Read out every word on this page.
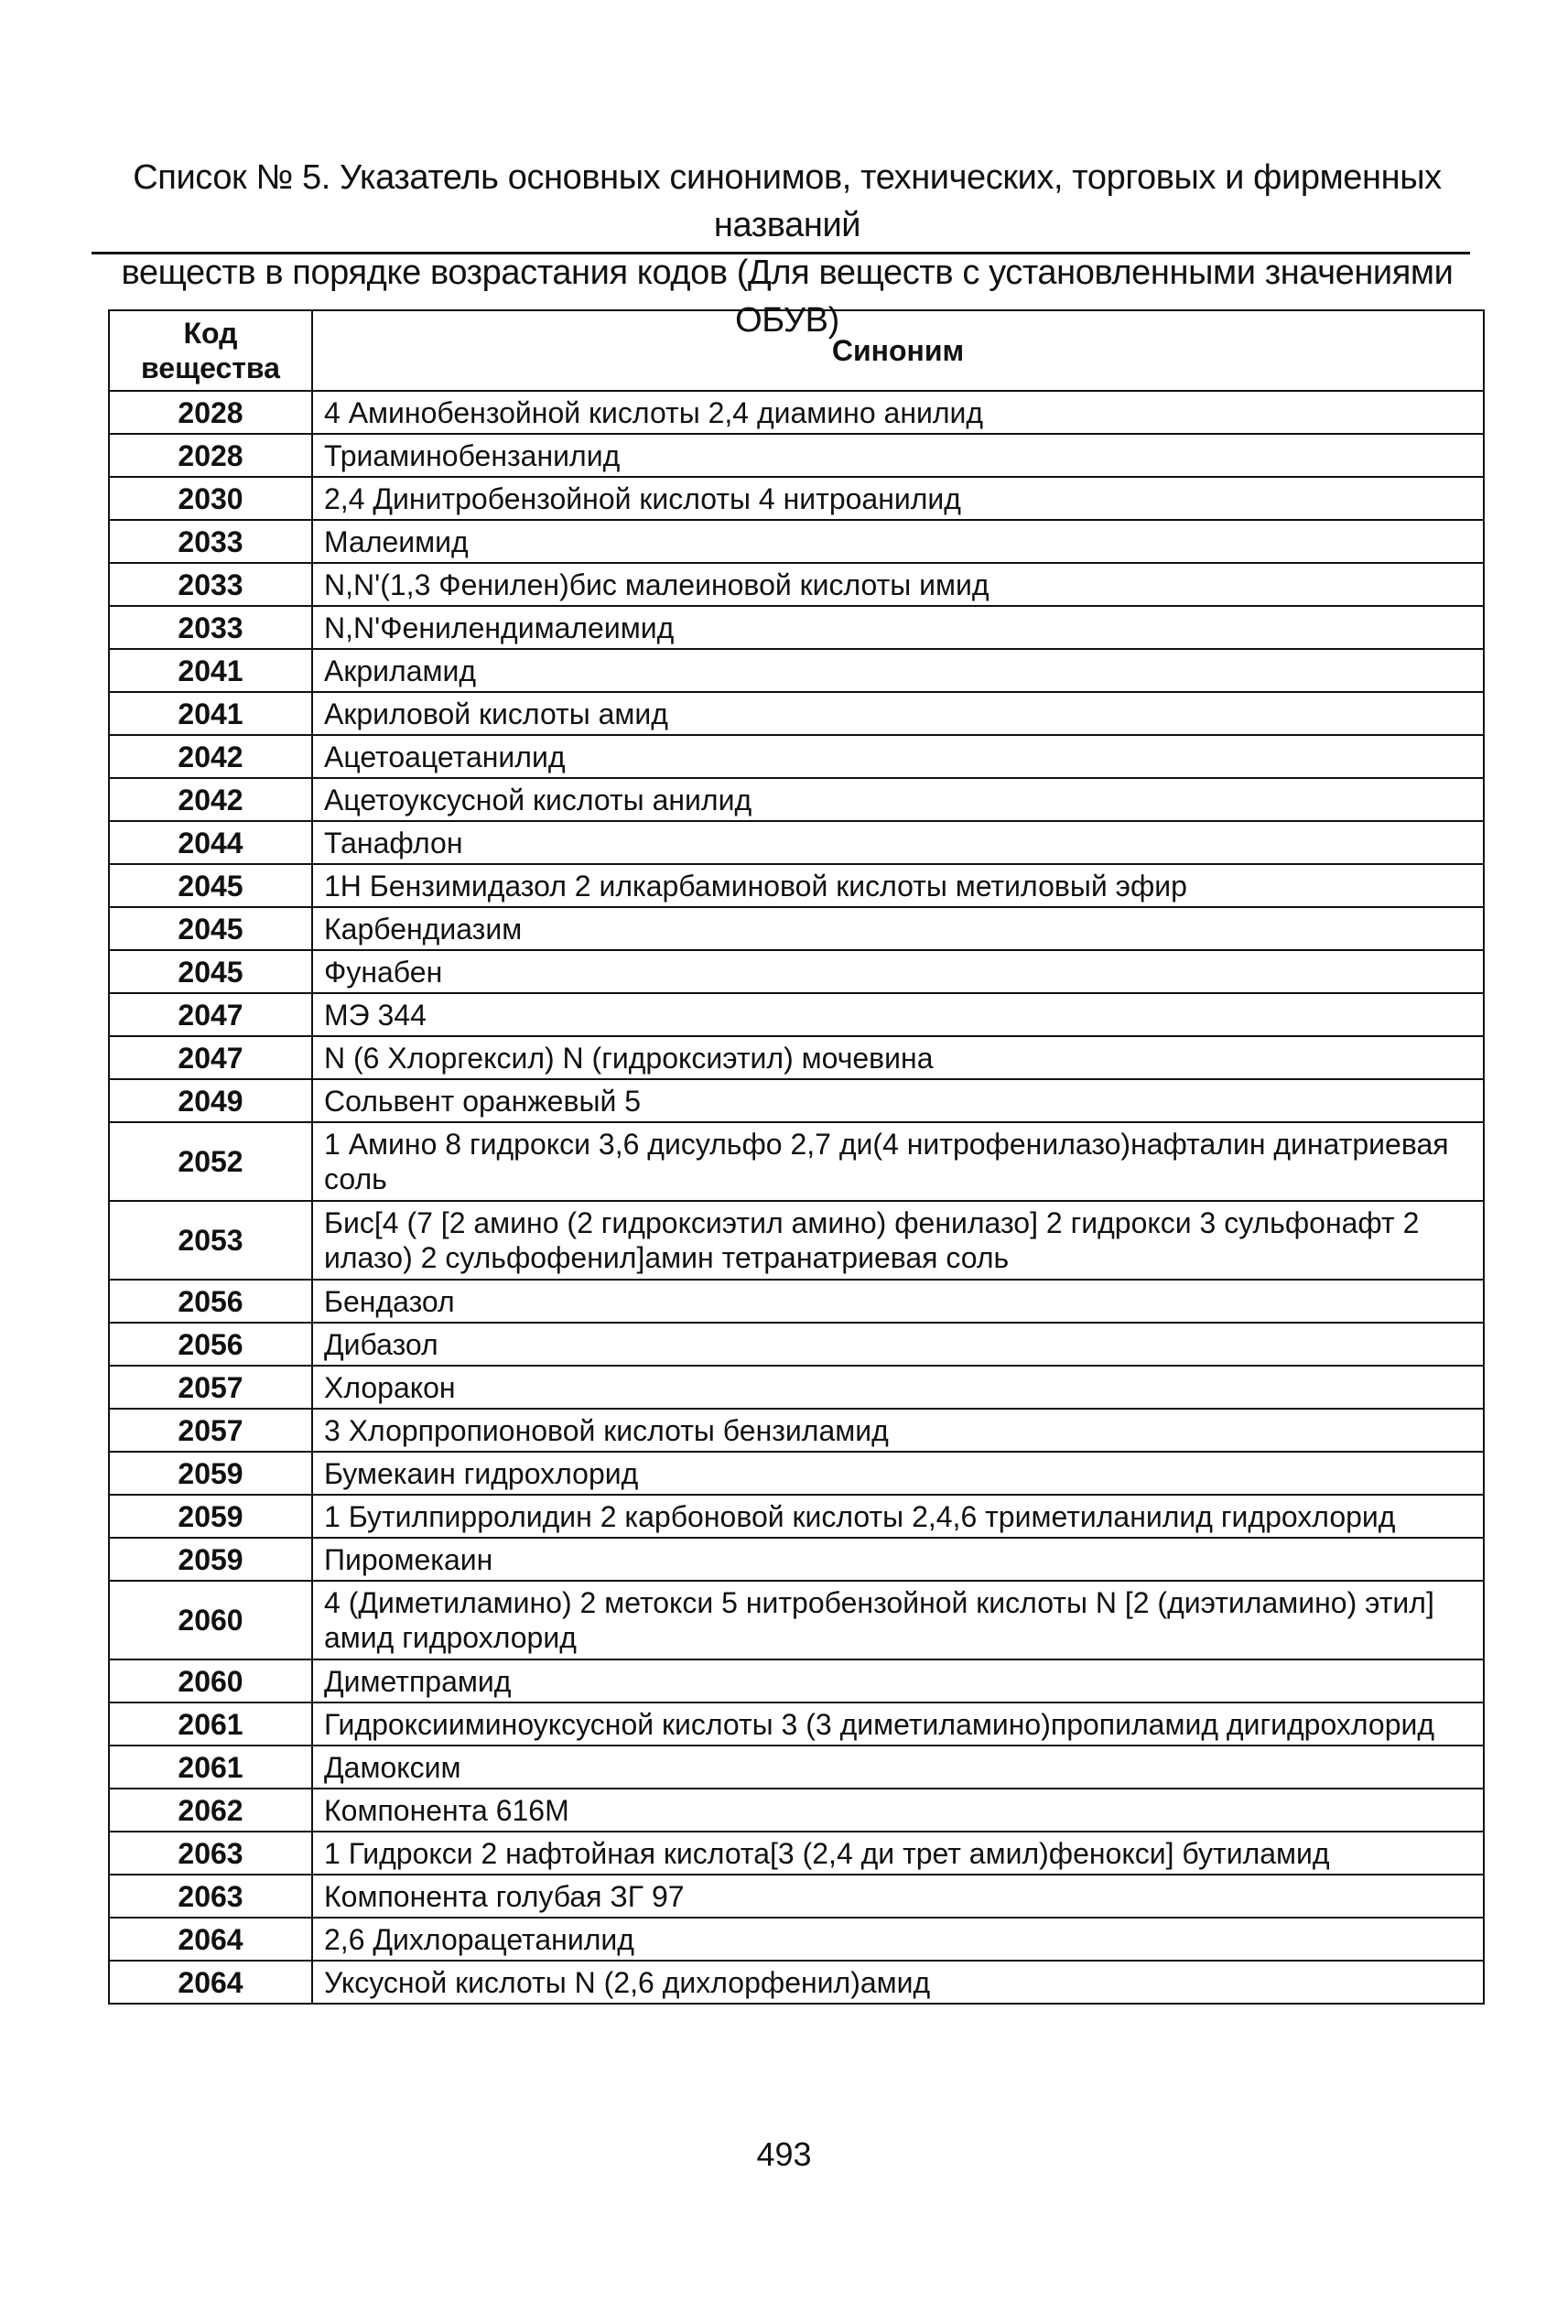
Список № 5. Указатель основных синонимов, технических, торговых и фирменных названий
веществ в порядке возрастания кодов (Для веществ с установленными значениями ОБУВ)
Код вещества	Синоним
2028	4 Аминобензойной кислоты 2,4 диамино анилид
2028	Триаминобензанилид
2030	2,4 Динитробензойной кислоты 4 нитроанилид
2033	Малеимид
2033	N,N'(1,3 Фенилен)бис малеиновой кислоты имид
2033	N,N'Фенилендималеимид
2041	Акриламид
2041	Акриловой кислоты амид
2042	Ацетоацетанилид
2042	Ацетоуксусной кислоты анилид
2044	Танафлон
2045	1Н Бензимидазол 2 илкарбаминовой кислоты метиловый эфир
2045	Карбендиазим
2045	Фунабен
2047	МЭ 344
2047	N (6 Хлоргексил) N (гидроксиэтил) мочевина
2049	Сольвент оранжевый 5
2052	1 Амино 8 гидрокси 3,6 дисульфо 2,7 ди(4 нитрофенилазо)нафталин динатриевая соль
2053	Бис[4 (7 [2 амино (2 гидроксиэтил амино) фенилазо] 2 гидрокси 3 сульфонафт 2 илазо) 2 сульфофенил]амин тетранатриевая соль
2056	Бендазол
2056	Дибазол
2057	Хлоракон
2057	3 Хлорпропионовой кислоты бензиламид
2059	Бумекаин гидрохлорид
2059	1 Бутилпирролидин 2 карбоновой кислоты 2,4,6 триметиланилид гидрохлорид
2059	Пиромекаин
2060	4 (Диметиламино) 2 метокси 5 нитробензойной кислоты N [2 (диэтиламино) этил] амид гидрохлорид
2060	Диметпрамид
2061	Гидроксииминоуксусной кислоты 3 (3 диметиламино)пропиламид дигидрохлорид
2061	Дамоксим
2062	Компонента 616М
2063	1 Гидрокси 2 нафтойная кислота[3 (2,4 ди трет амил)фенокси] бутиламид
2063	Компонента голубая ЗГ 97
2064	2,6 Дихлорацетанилид
2064	Уксусной кислоты N (2,6 дихлорфенил)амид
493
